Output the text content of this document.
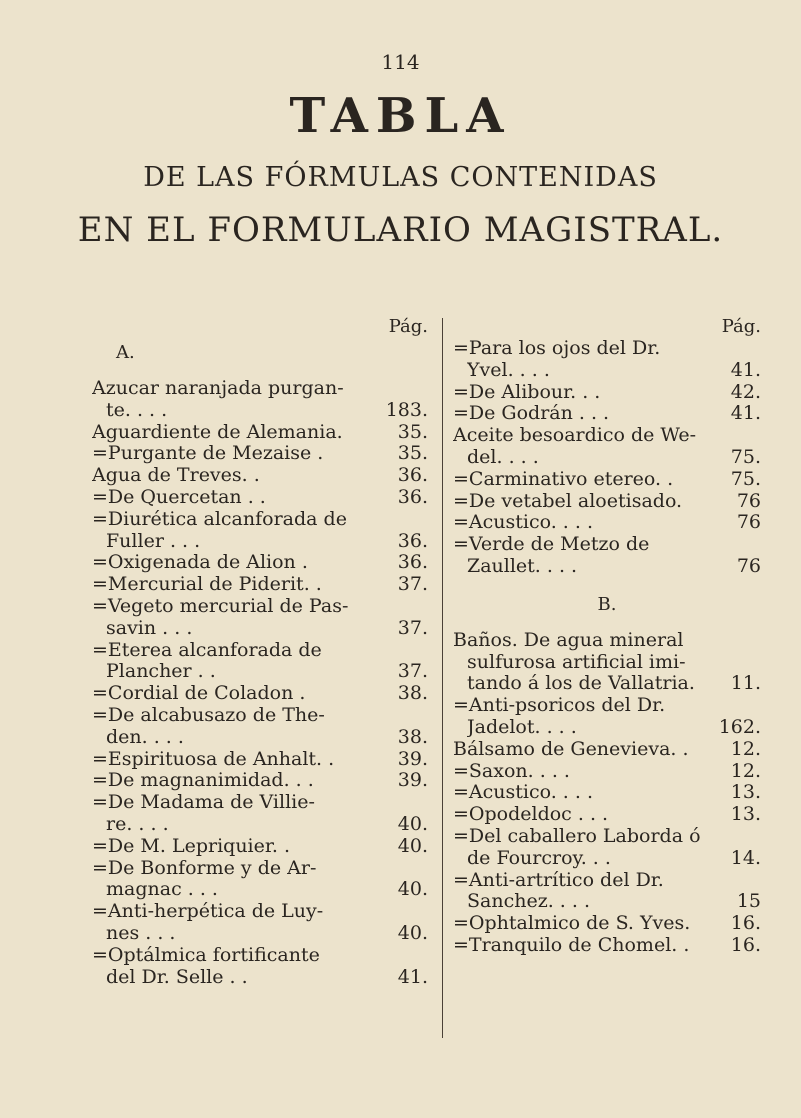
114
TABLA
DE LAS FÓRMULAS CONTENIDAS
EN EL FORMULARIO MAGISTRAL.
Pág.
A.
Azucar naranjada purgan-
te. . . .	183.
Aguardiente de Alemania.	35.
=Purgante de Mezaise .	35.
Agua de Treves. .	36.
=De Quercetan . .	36.
=Diurética alcanforada de
Fuller . . .	36.
=Oxigenada de Alion .	36.
=Mercurial de Piderit. .	37.
=Vegeto mercurial de Pas-
savin . . .	37.
=Eterea alcanforada de
Plancher . .	37.
=Cordial de Coladon .	38.
=De alcabusazo de The-
den. . . .	38.
=Espirituosa de Anhalt. .	39.
=De magnanimidad. . .	39.
=De Madama de Villie-
re. . . .	40.
=De M. Lepriquier. .	40.
=De Bonforme y de Ar-
magnac . . .	40.
=Anti-herpética de Luy-
nes . . .	40.
=Optálmica fortificante
del Dr. Selle . .	41.
Pág.
=Para los ojos del Dr.
Yvel. . . .	41.
=De Alibour. . .	42.
=De Godrán . . .	41.
Aceite besoardico de We-
del. . . .	75.
=Carminativo etereo. .	75.
=De vetabel aloetisado.	76
=Acustico. . . .	76
=Verde de Metzo de
Zaullet. . . .	76
B.
Baños. De agua mineral
sulfurosa artificial imi-
tando á los de Vallatria.	11.
=Anti-psoricos del Dr.
Jadelot. . . .	162.
Bálsamo de Genevieva. .	12.
=Saxon. . . .	12.
=Acustico. . . .	13.
=Opodeldoc . . .	13.
=Del caballero Laborda ó
de Fourcroy. . .	14.
=Anti-artrítico del Dr.
Sanchez. . . .	15
=Ophtalmico de S. Yves.	16.
=Tranquilo de Chomel. .	16.
